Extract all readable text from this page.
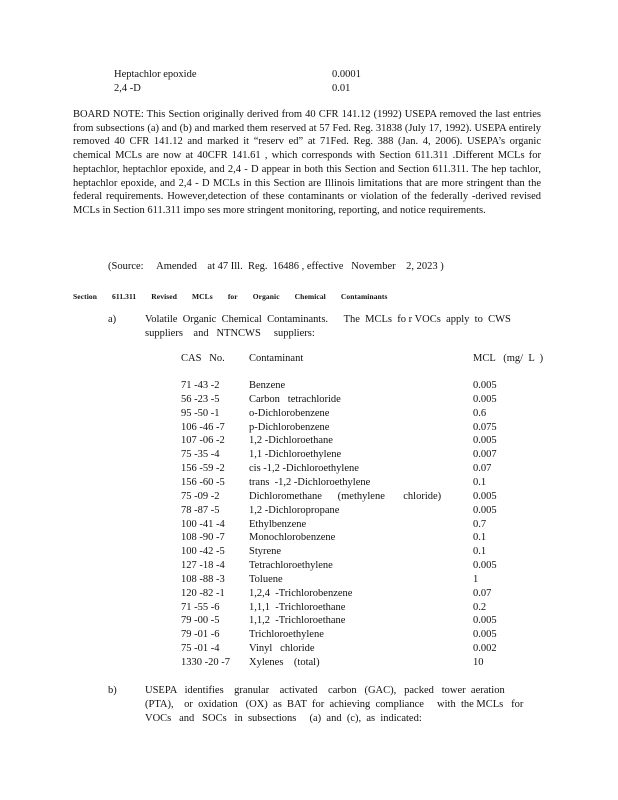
Heptachlor epoxide	0.0001
2,4 -D	0.01
BOARD NOTE: This Section originally derived from 40 CFR 141.12 (1992) USEPA removed the last entries from subsections (a) and (b) and marked them reserved at 57 Fed. Reg. 31838 (July 17, 1992). USEPA entirely removed 40 CFR 141.12 and marked it “reserv ed” at 71Fed. Reg. 388 (Jan. 4, 2006). USEPA’s organic chemical MCLs are now at 40CFR 141.61 , which corresponds with Section 611.311 .Different MCLs for heptachlor, heptachlor epoxide, and 2,4 - D appear in both this Section and Section 611.311. The hep tachlor, heptachlor epoxide, and 2,4 - D MCLs in this Section are Illinois limitations that are more stringent than the federal requirements. However,detection of these contaminants or violation of the federally -derived revised MCLs in Section 611.311 impo ses more stringent monitoring, reporting, and notice requirements.
(Source:     Amended    at 47 Ill.  Reg.  16486 , effective   November    2, 2023 )
Section 611.311 Revised MCLs for Organic Chemical Contaminants
a)	Volatile  Organic  Chemical  Contaminants.      The  MCLs  fo r VOCs  apply  to  CWS
suppliers    and   NTNCWS     suppliers:
CAS   No. Contaminant	MCL   (mg/  L  )
71 -43 -2	Benzene	0.005
56 -23 -5	Carbon   tetrachloride	0.005
95 -50 -1	o-Dichlorobenzene	0.6
106 -46 -7 p-Dichlorobenzene	0.075
107 -06 -2 1,2 -Dichloroethane	0.005
75 -35 -4	1,1 -Dichloroethylene	0.007
156 -59 -2 cis -1,2 -Dichloroethylene	0.07
156 -60 -5 trans  -1,2 -Dichloroethylene	0.1
75 -09 -2	Dichloromethane      (methylene       chloride)	0.005
78 -87 -5	1,2 -Dichloropropane	0.005
100 -41 -4 Ethylbenzene	0.7
108 -90 -7 Monochlorobenzene	0.1
100 -42 -5 Styrene	0.1
127 -18 -4 Tetrachloroethylene	0.005
108 -88 -3 Toluene	1
120 -82 -1 1,2,4  -Trichlorobenzene	0.07
71 -55 -6	1,1,1  -Trichloroethane	0.2
79 -00 -5	1,1,2  -Trichloroethane	0.005
79 -01 -6	Trichloroethylene	0.005
75 -01 -4	Vinyl   chloride	0.002
1330 -20 -7 Xylenes    (total)	10
b)	USEPA   identifies    granular    activated    carbon   (GAC),   packed   tower  aeration
(PTA),    or  oxidation   (OX)  as  BAT  for  achieving  compliance     with  the MCLs   for
VOCs   and   SOCs   in  subsections     (a)  and  (c),  as  indicated:
